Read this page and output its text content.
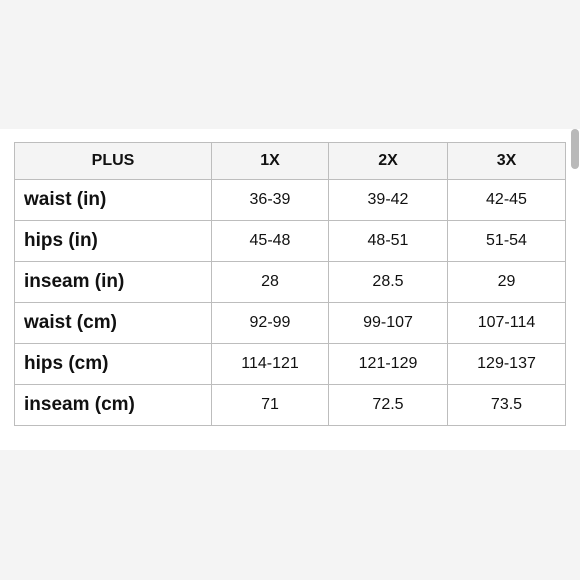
PLUS	1X	2X	3X
waist (in)	36-39	39-42	42-45
hips (in)	45-48	48-51	51-54
inseam (in)	28	28.5	29
waist (cm)	92-99	99-107	107-114
hips (cm)	114-121	121-129	129-137
inseam (cm)	71	72.5	73.5
